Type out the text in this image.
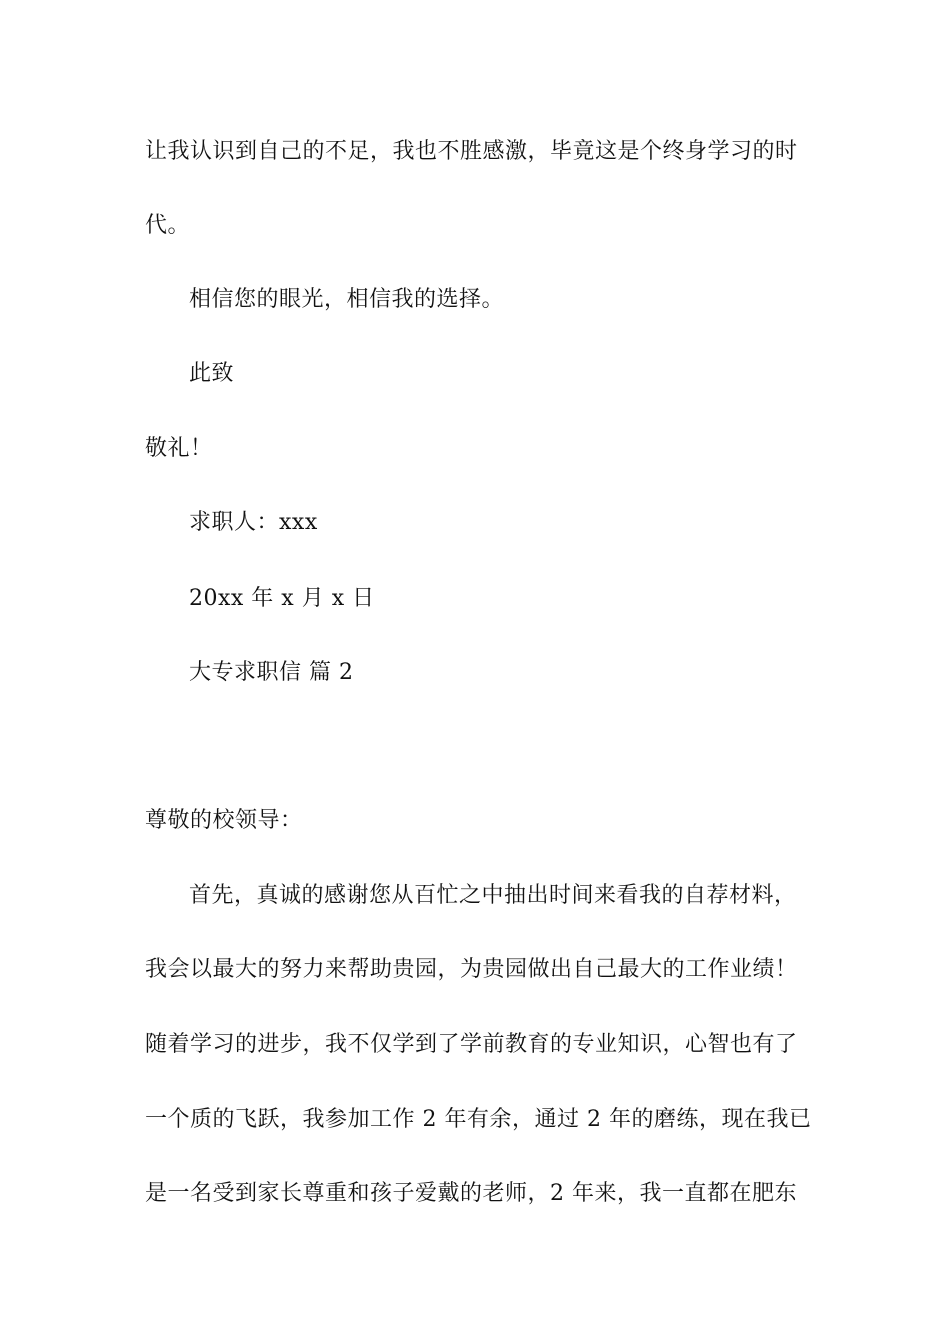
让我认识到自己的不足，我也不胜感激，毕竟这是个终身学习的时
代。
相信您的眼光，相信我的选择。
此致
敬礼！
求职人：xxx
20xx 年 x 月 x 日
大专求职信 篇 2
尊敬的校领导：
首先，真诚的感谢您从百忙之中抽出时间来看我的自荐材料，
我会以最大的努力来帮助贵园，为贵园做出自己最大的工作业绩！
随着学习的进步，我不仅学到了学前教育的专业知识，心智也有了
一个质的飞跃，我参加工作 2 年有余，通过 2 年的磨练，现在我已
是一名受到家长尊重和孩子爱戴的老师，2 年来，我一直都在肥东
